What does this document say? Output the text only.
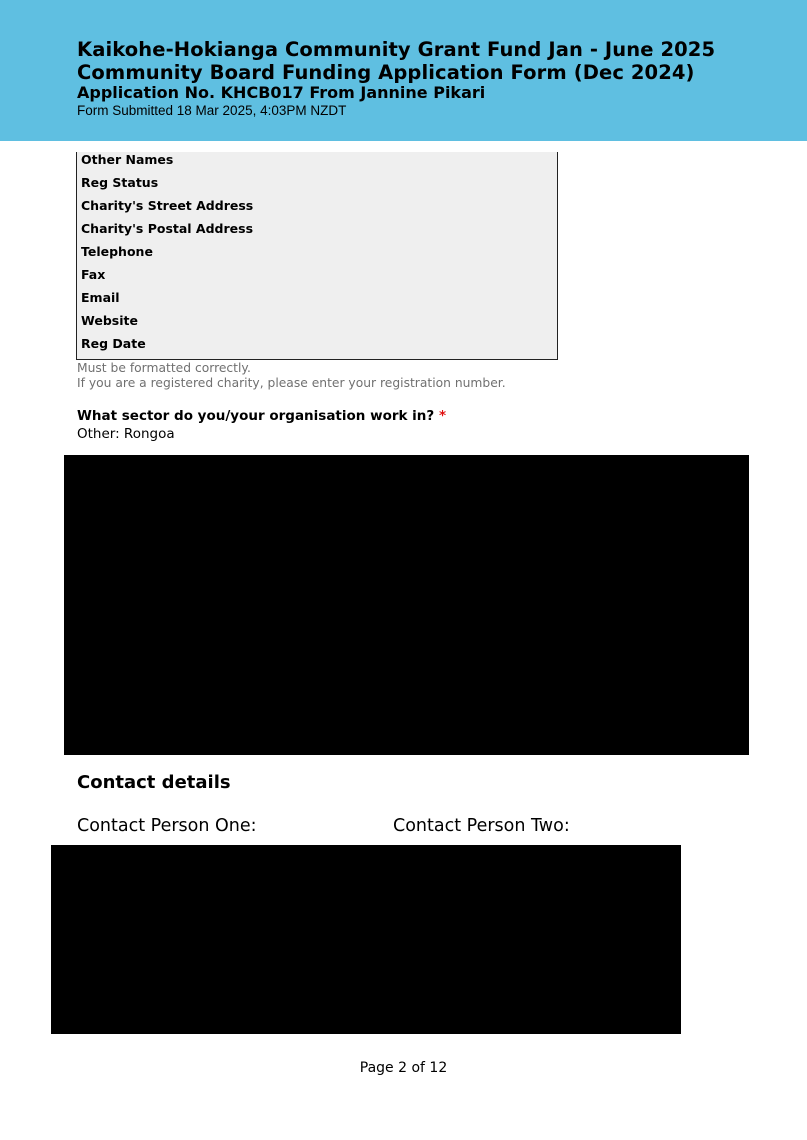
Kaikohe-Hokianga Community Grant Fund Jan - June 2025
Community Board Funding Application Form (Dec 2024)
Application No. KHCB017 From Jannine Pikari
Form Submitted 18 Mar 2025, 4:03PM NZDT
Other Names
Reg Status
Charity's Street Address
Charity's Postal Address
Telephone
Fax
Email
Website
Reg Date
Must be formatted correctly.
If you are a registered charity, please enter your registration number.
What sector do you/your organisation work in? *
Other: Rongoa
Contact details
Contact Person One:	Contact Person Two:
Page 2 of 12
